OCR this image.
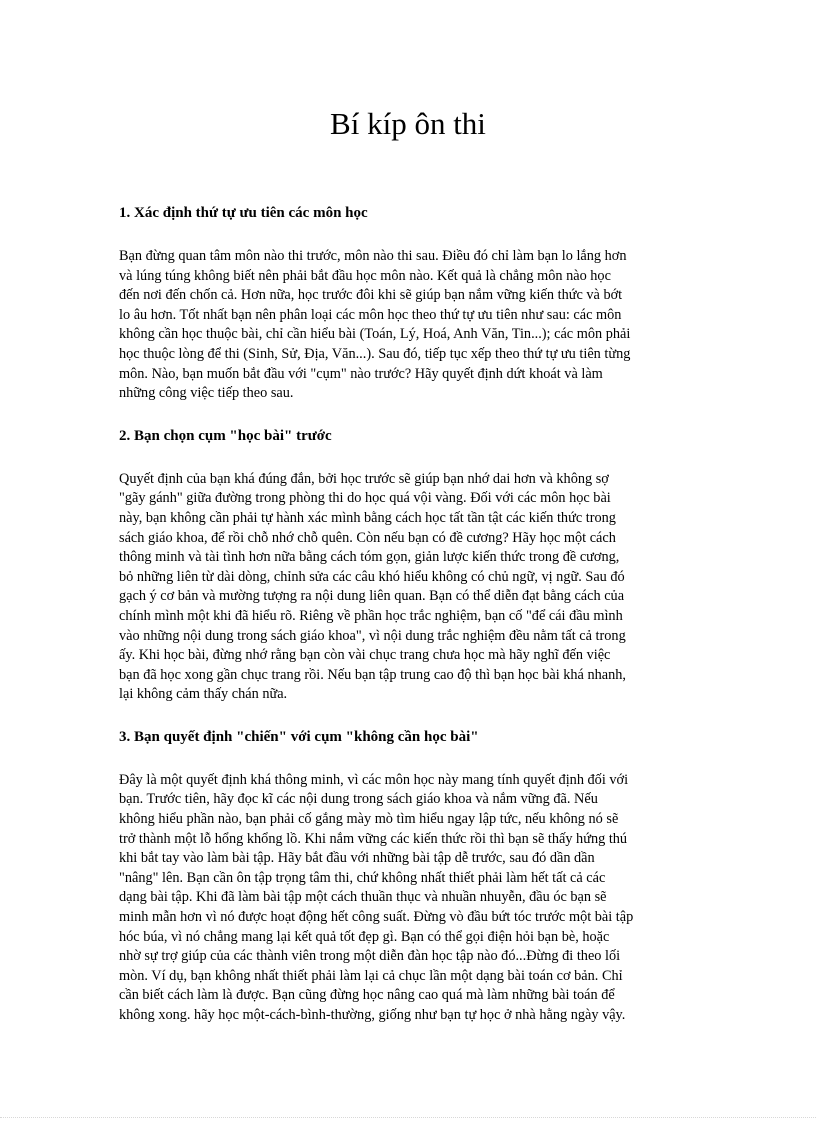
Bí kíp ôn thi
1. Xác định thứ tự ưu tiên các môn học

Bạn đừng quan tâm môn nào thi trước, môn nào thi sau. Điều đó chỉ làm bạn lo lắng hơn
và lúng túng không biết nên phải bắt đầu học môn nào. Kết quả là chẳng môn nào học
đến nơi đến chốn cả. Hơn nữa, học trước đôi khi sẽ giúp bạn nắm vững kiến thức và bớt
lo âu hơn. Tốt nhất bạn nên phân loại các môn học theo thứ tự ưu tiên như sau: các môn
không cần học thuộc bài, chỉ cần hiểu bài (Toán, Lý, Hoá, Anh Văn, Tin...); các môn phải
học thuộc lòng để thi (Sinh, Sử, Địa, Văn...). Sau đó, tiếp tục xếp theo thứ tự ưu tiên từng
môn. Nào, bạn muốn bắt đầu với "cụm" nào trước? Hãy quyết định dứt khoát và làm
những công việc tiếp theo sau.

2. Bạn chọn cụm "học bài" trước

Quyết định của bạn khá đúng đắn, bởi học trước sẽ giúp bạn nhớ dai hơn và không sợ
"gãy gánh" giữa đường trong phòng thi do học quá vội vàng. Đối với các môn học bài
này, bạn không cần phải tự hành xác mình bằng cách học tất tần tật các kiến thức trong
sách giáo khoa, để rồi chỗ nhớ chỗ quên. Còn nếu bạn có đề cương? Hãy học một cách
thông minh và tài tình hơn nữa bằng cách tóm gọn, giản lược kiến thức trong đề cương,
bỏ những liên từ dài dòng, chỉnh sửa các câu khó hiểu không có chủ ngữ, vị ngữ. Sau đó
gạch ý cơ bản và mường tượng ra nội dung liên quan. Bạn có thể diễn đạt bằng cách của
chính mình một khi đã hiểu rõ. Riêng về phần học trắc nghiệm, bạn cố "để cái đầu mình
vào những nội dung trong sách giáo khoa", vì nội dung trắc nghiệm đều nằm tất cả trong
ấy. Khi học bài, đừng nhớ rằng bạn còn vài chục trang chưa học mà hãy nghĩ đến việc
bạn đã học xong gần chục trang rồi. Nếu bạn tập trung cao độ thì bạn học bài khá nhanh,
lại không cảm thấy chán nữa.

3. Bạn quyết định "chiến" với cụm "không cần học bài"

Đây là một quyết định khá thông minh, vì các môn học này mang tính quyết định đối với
bạn. Trước tiên, hãy đọc kĩ các nội dung trong sách giáo khoa và nắm vững đã. Nếu
không hiểu phần nào, bạn phải cố gắng mày mò tìm hiểu ngay lập tức, nếu không nó sẽ
trở thành một lỗ hổng khổng lồ. Khi nắm vững các kiến thức rồi thì bạn sẽ thấy hứng thú
khi bắt tay vào làm bài tập. Hãy bắt đầu với những bài tập dễ trước, sau đó dần dần
"nâng" lên. Bạn cần ôn tập trọng tâm thi, chứ không nhất thiết phải làm hết tất cả các
dạng bài tập. Khi đã làm bài tập một cách thuần thục và nhuần nhuyễn, đầu óc bạn sẽ
minh mẫn hơn vì nó được hoạt động hết công suất. Đừng vò đầu bứt tóc trước một bài tập
hóc búa, vì nó chẳng mang lại kết quả tốt đẹp gì. Bạn có thể gọi điện hỏi bạn bè, hoặc
nhờ sự trợ giúp của các thành viên trong một diễn đàn học tập nào đó...Đừng đi theo lối
mòn. Ví dụ, bạn không nhất thiết phải làm lại cả chục lần một dạng bài toán cơ bản. Chỉ
cần biết cách làm là được. Bạn cũng đừng học nâng cao quá mà làm những bài toán để
không xong. hãy học một-cách-bình-thường, giống như bạn tự học ở nhà hằng ngày vậy.
